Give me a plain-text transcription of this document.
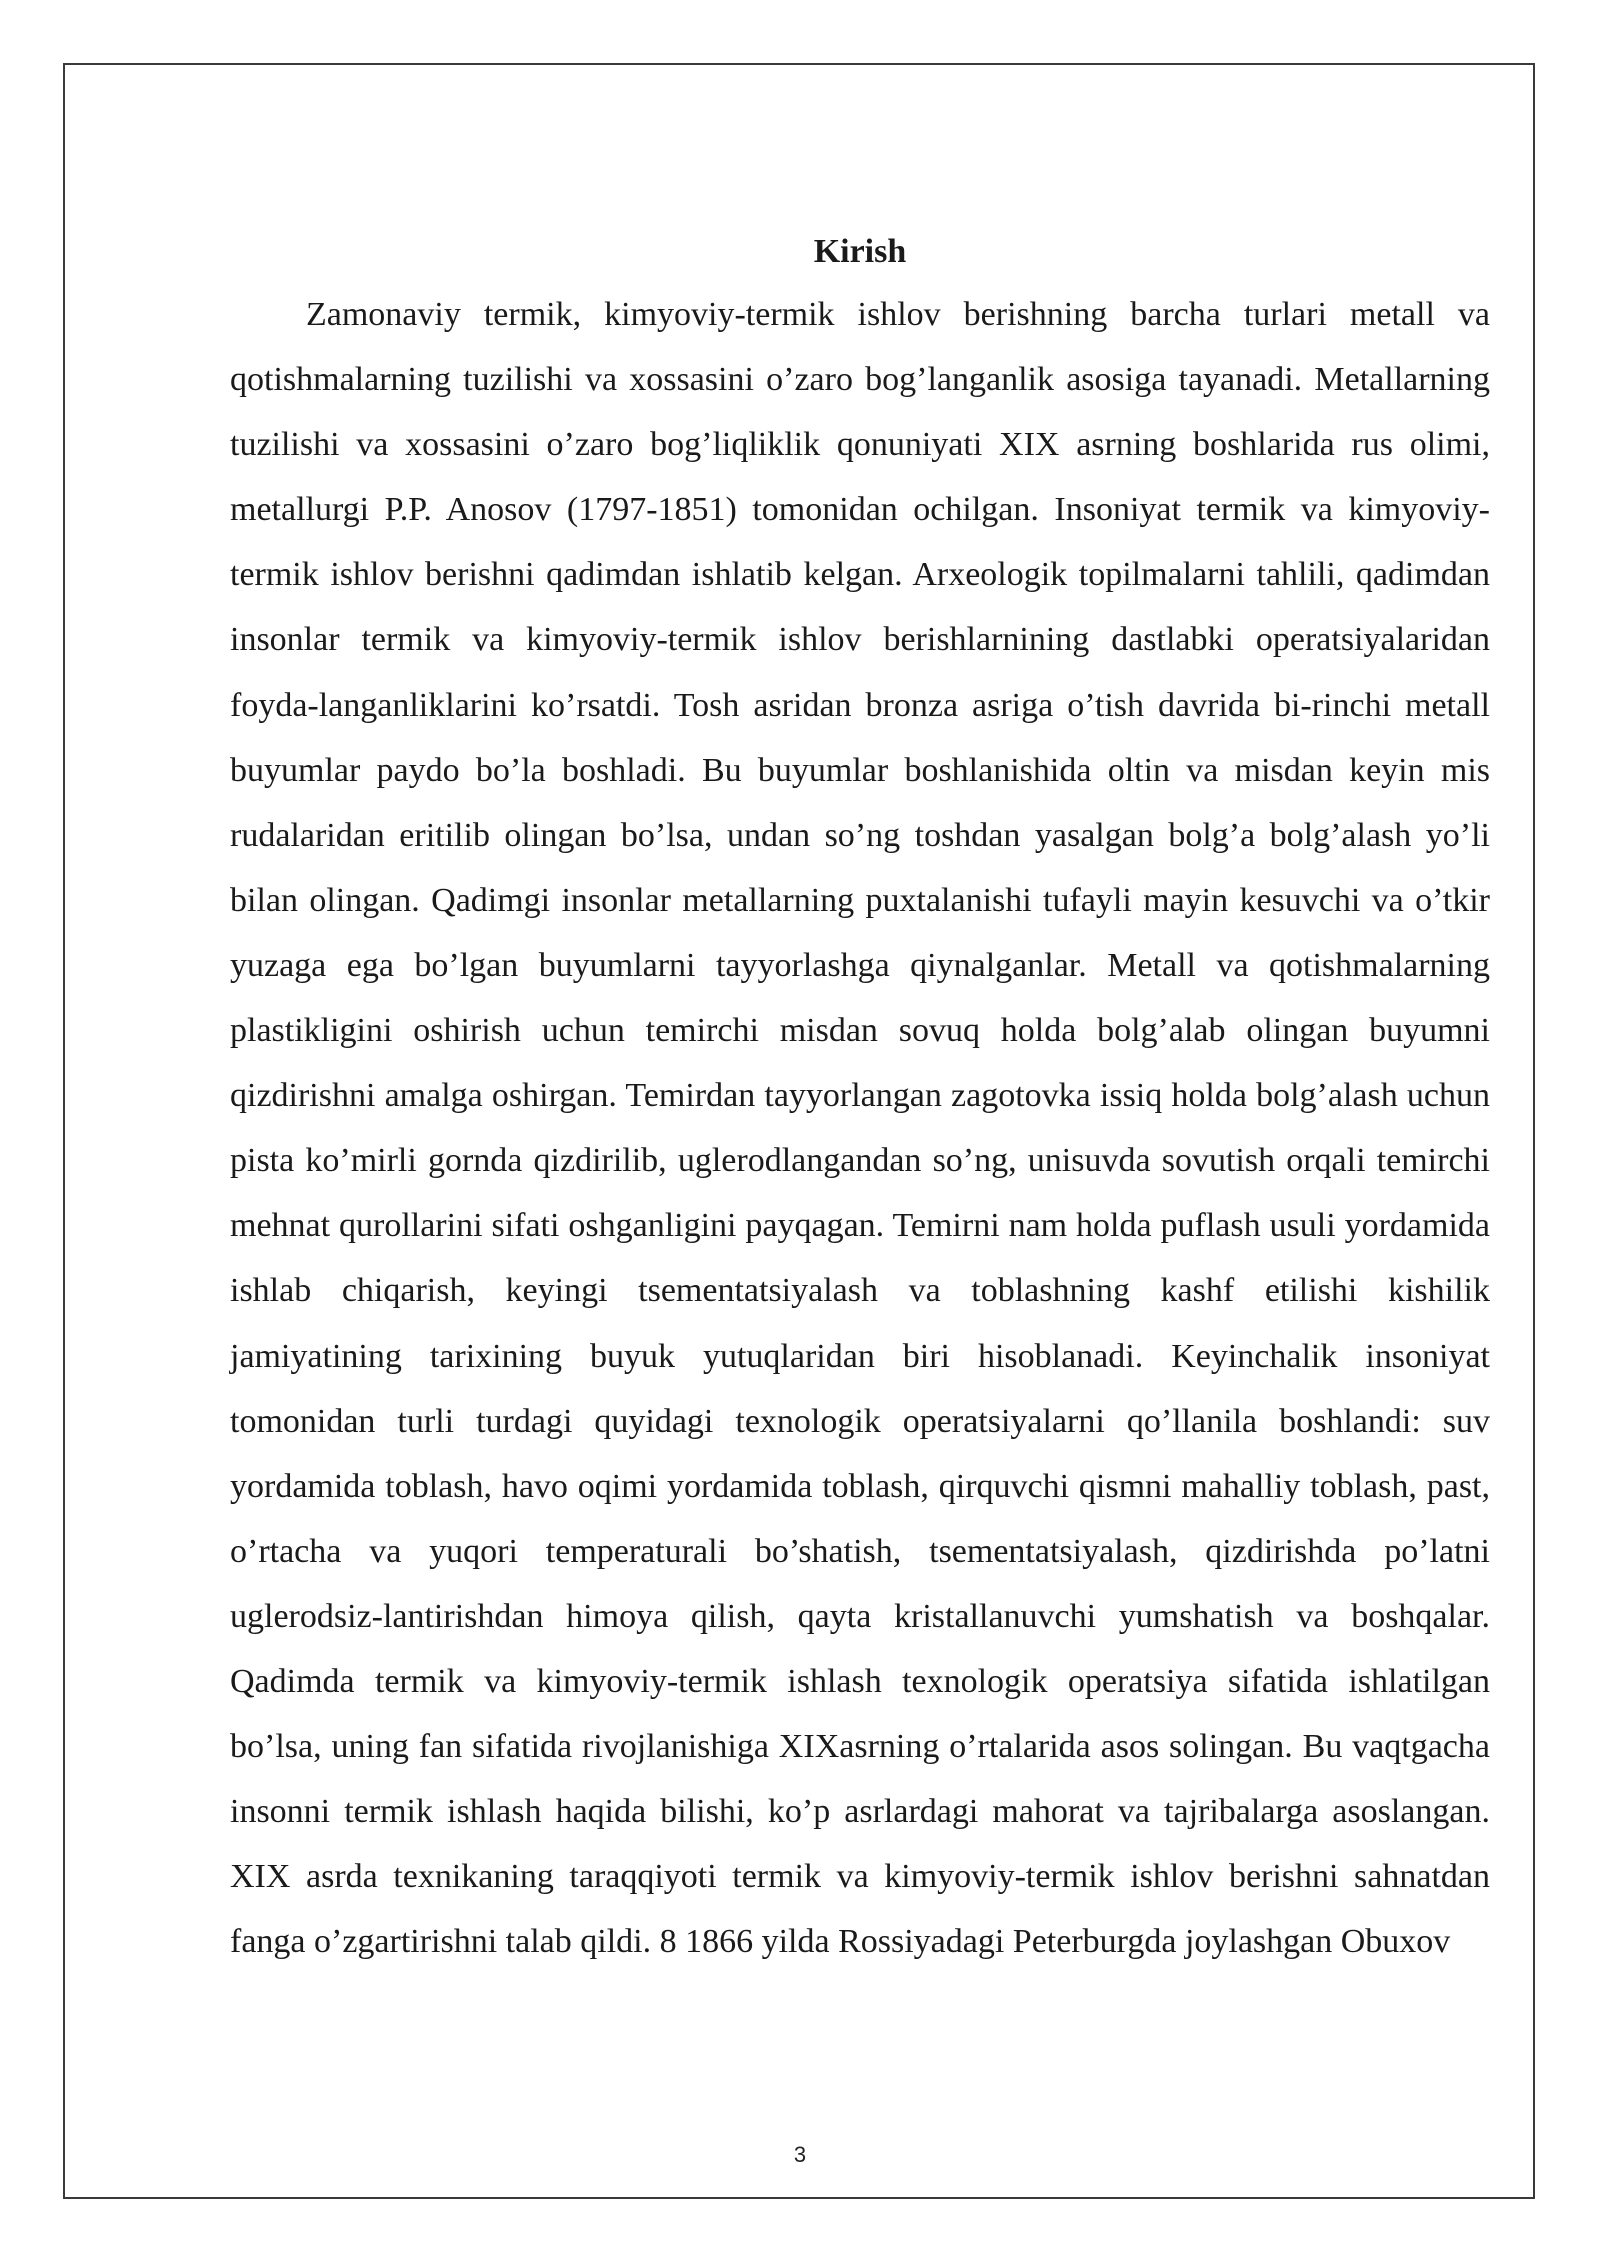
Kirish

Zamonaviy termik, kimyoviy-termik ishlov berishning barcha turlari metall va qotishmalarning tuzilishi va xossasini o’zaro bog’langanlik asosiga tayanadi. Metallarning tuzilishi va xossasini o’zaro bog’liqliklik qonuniyati XIX asrning boshlarida rus olimi, metallurgi P.P. Anosov (1797-1851) tomonidan ochilgan. Insoniyat termik va kimyoviy-termik ishlov berishni qadimdan ishlatib kelgan. Arxeologik topilmalarni tahlili, qadimdan insonlar termik va kimyoviy-termik ishlov berishlarnining dastlabki operatsiyalaridan foyda-langanliklarini ko’rsatdi. Tosh asridan bronza asriga o’tish davrida bi-rinchi metall buyumlar paydo bo’la boshladi. Bu buyumlar boshlanishida oltin va misdan keyin mis rudalaridan eritilib olingan bo’lsa, undan so’ng toshdan yasalgan bolg’a bolg’alash yo’li bilan olingan. Qadimgi insonlar metallarning puxtalanishi tufayli mayin kesuvchi va o’tkir yuzaga ega bo’lgan buyumlarni tayyorlashga qiynalganlar. Metall va qotishmalarning plastikligini oshirish uchun temirchi misdan sovuq holda bolg’alab olingan buyumni qizdirishni amalga oshirgan. Temirdan tayyorlangan zagotovka issiq holda bolg’alash uchun pista ko’mirli gornda qizdirilib, uglerodlangandan so’ng, unisuvda sovutish orqali temirchi mehnat qurollarini sifati oshganligini payqagan. Temirni nam holda puflash usuli yordamida ishlab chiqarish, keyingi tsementatsiyalash va toblashning kashf etilishi kishilik jamiyatining tarixining buyuk yutuqlaridan biri hisoblanadi. Keyinchalik insoniyat tomonidan turli turdagi quyidagi texnologik operatsiyalarni qo’llanila boshlandi: suv yordamida toblash, havo oqimi yordamida toblash, qirquvchi qismni mahalliy toblash, past, o’rtacha va yuqori temperaturali bo’shatish, tsementatsiyalash, qizdirishda po’latni uglerodsiz-lantirishdan himoya qilish, qayta kristallanuvchi yumshatish va boshqalar. Qadimda termik va kimyoviy-termik ishlash texnologik operatsiya sifatida ishlatilgan bo’lsa, uning fan sifatida rivojlanishiga XIXasrning o’rtalarida asos solingan. Bu vaqtgacha insonni termik ishlash haqida bilishi, ko’p asrlardagi mahorat va tajribalarga asoslangan. XIX asrda texnikaning taraqqiyoti termik va kimyoviy-termik ishlov berishni sahnatdan fanga o’zgartirishni talab qildi. 8 1866 yilda Rossiyadagi Peterburgda joylashgan Obuxov

3
